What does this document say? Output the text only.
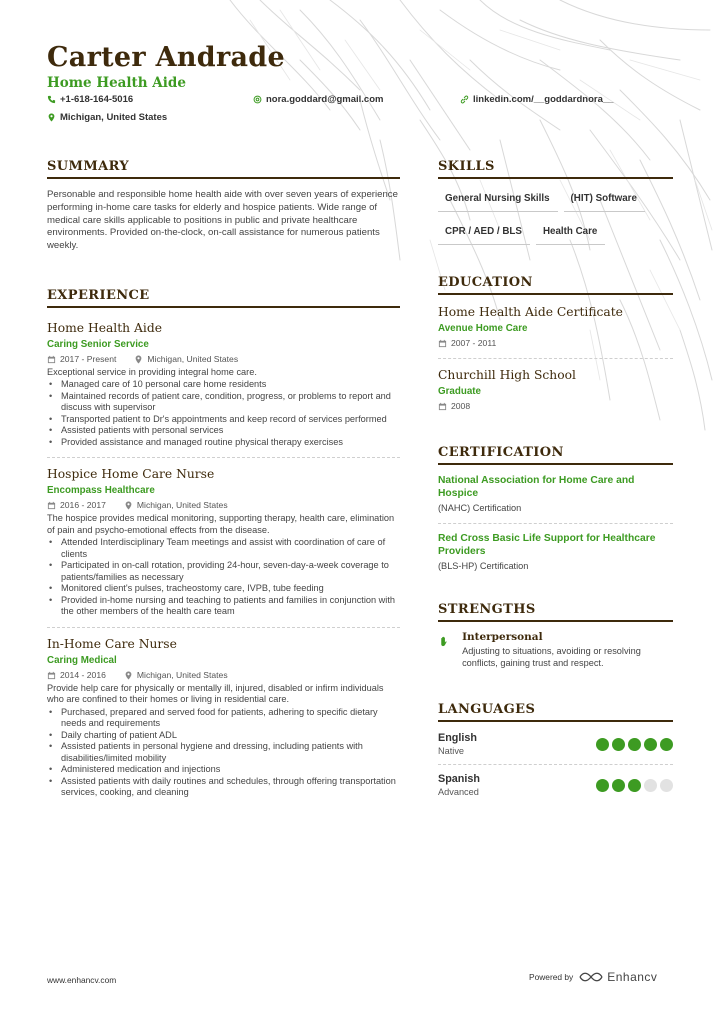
Carter Andrade
Home Health Aide
+1-618-164-5016	nora.goddard@gmail.com	linkedin.com/__goddardnora__
Michigan, United States
SUMMARY
Personable and responsible home health aide with over seven years of experience performing in-home care tasks for elderly and hospice patients. Wide range of medical care skills applicable to positions in public and private healthcare environments. Provided on-the-clock, on-call assistance for numerous patients weekly.
EXPERIENCE
Home Health Aide
Caring Senior Service
2017 - Present	Michigan, United States
Exceptional service in providing integral home care.
• Managed care of 10 personal care home residents
• Maintained records of patient care, condition, progress, or problems to report and discuss with supervisor
• Transported patient to Dr's appointments and keep record of services performed
• Assisted patients with personal services
• Provided assistance and managed routine physical therapy exercises
Hospice Home Care Nurse
Encompass Healthcare
2016 - 2017	Michigan, United States
The hospice provides medical monitoring, supporting therapy, health care, elimination of pain and psycho-emotional effects from the disease.
• Attended Interdisciplinary Team meetings and assist with coordination of care of clients
• Participated in on-call rotation, providing 24-hour, seven-day-a-week coverage to patients/families as necessary
• Monitored client's pulses, tracheostomy care, IVPB, tube feeding
• Provided in-home nursing and teaching to patients and families in conjunction with the other members of the health care team
In-Home Care Nurse
Caring Medical
2014 - 2016	Michigan, United States
Provide help care for physically or mentally ill, injured, disabled or infirm individuals who are confined to their homes or living in residential care.
• Purchased, prepared and served food for patients, adhering to specific dietary needs and requirements
• Daily charting of patient ADL
• Assisted patients in personal hygiene and dressing, including patients with disabilities/limited mobility
• Administered medication and injections
• Assisted patients with daily routines and schedules, through offering transportation services, cooking, and cleaning
SKILLS
General Nursing Skills	(HIT) Software
CPR / AED / BLS	Health Care
EDUCATION
Home Health Aide Certificate
Avenue Home Care
2007 - 2011
Churchill High School
Graduate
2008
CERTIFICATION
National Association for Home Care and Hospice
(NAHC) Certification
Red Cross Basic Life Support for Healthcare Providers
(BLS-HP) Certification
STRENGTHS
Interpersonal
Adjusting to situations, avoiding or resolving conflicts, gaining trust and respect.
LANGUAGES
English
Native
Spanish
Advanced
www.enhancv.com	Powered by	Enhancv
